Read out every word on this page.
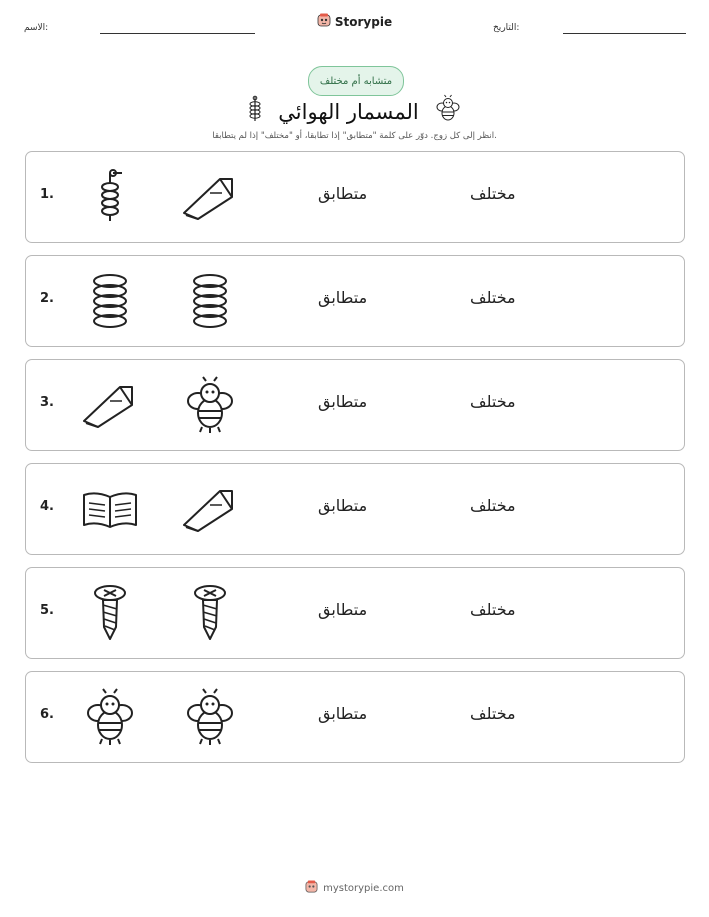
الاسم:	Storypie	التاريخ:
متشابه أم مختلف
المسمار الهوائي
انظر إلى كل زوج. دوّر على كلمة "متطابق" إذا تطابقا، أو "مختلف" إذا لم يتطابقا.
1.	متطابق	مختلف
2.	متطابق	مختلف
3.	متطابق	مختلف
4.	متطابق	مختلف
5.	متطابق	مختلف
6.	متطابق	مختلف
mystorypie.com
